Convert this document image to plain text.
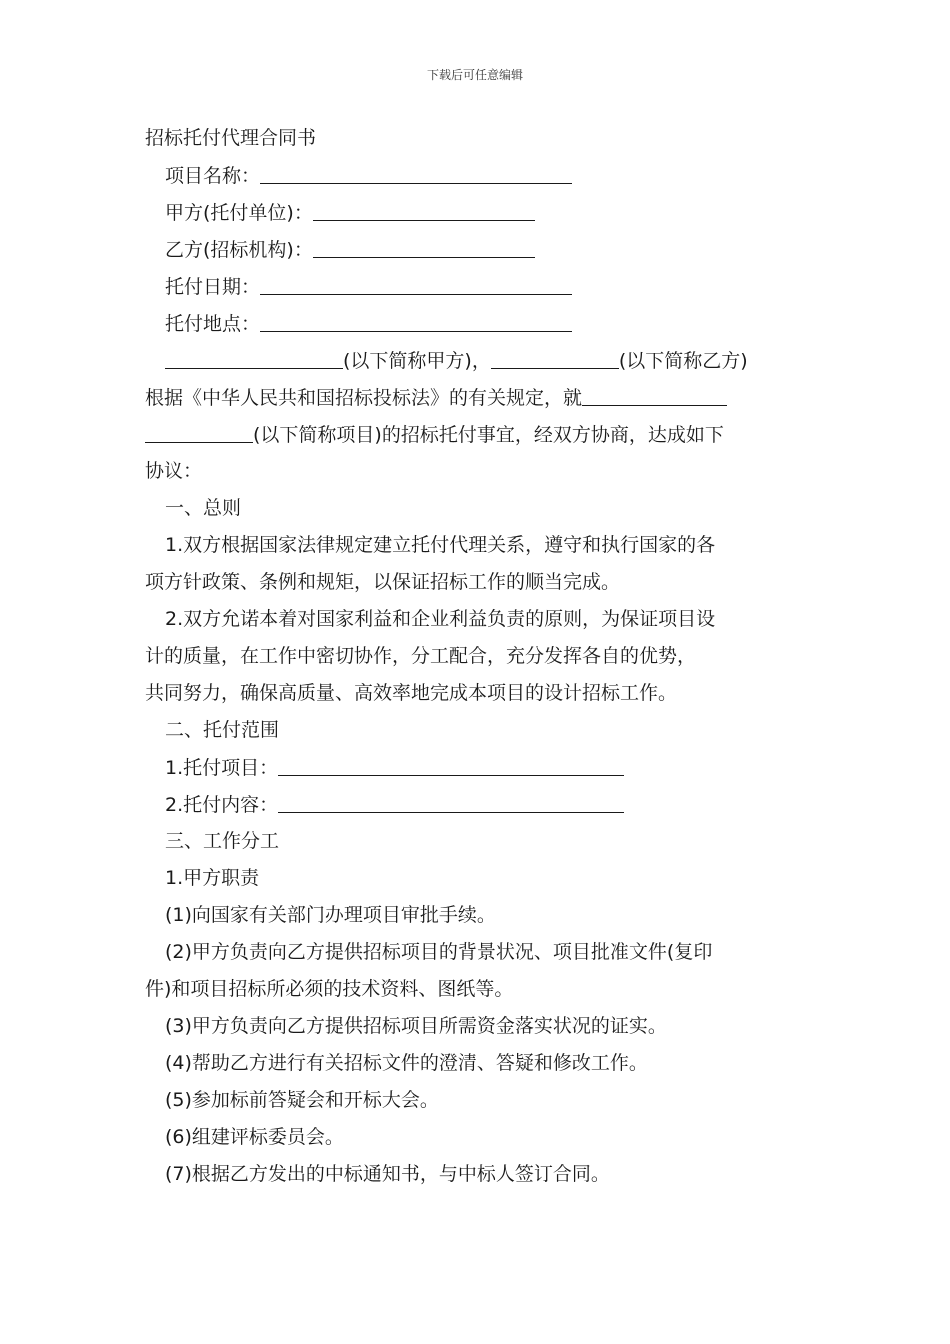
下载后可任意编辑
招标托付代理合同书
项目名称：
甲方(托付单位)：
乙方(招标机构)：
托付日期：
托付地点：
(以下简称甲方)，	(以下简称乙方)
根据《中华人民共和国招标投标法》的有关规定，就
(以下简称项目)的招标托付事宜，经双方协商，达成如下
协议：
一、总则
1.双方根据国家法律规定建立托付代理关系，遵守和执行国家的各
项方针政策、条例和规矩，以保证招标工作的顺当完成。
2.双方允诺本着对国家利益和企业利益负责的原则，为保证项目设
计的质量，在工作中密切协作，分工配合，充分发挥各自的优势，
共同努力，确保高质量、高效率地完成本项目的设计招标工作。
二、托付范围
1.托付项目：
2.托付内容：
三、工作分工
1.甲方职责
(1)向国家有关部门办理项目审批手续。
(2)甲方负责向乙方提供招标项目的背景状况、项目批准文件(复印
件)和项目招标所必须的技术资料、图纸等。
(3)甲方负责向乙方提供招标项目所需资金落实状况的证实。
(4)帮助乙方进行有关招标文件的澄清、答疑和修改工作。
(5)参加标前答疑会和开标大会。
(6)组建评标委员会。
(7)根据乙方发出的中标通知书，与中标人签订合同。
